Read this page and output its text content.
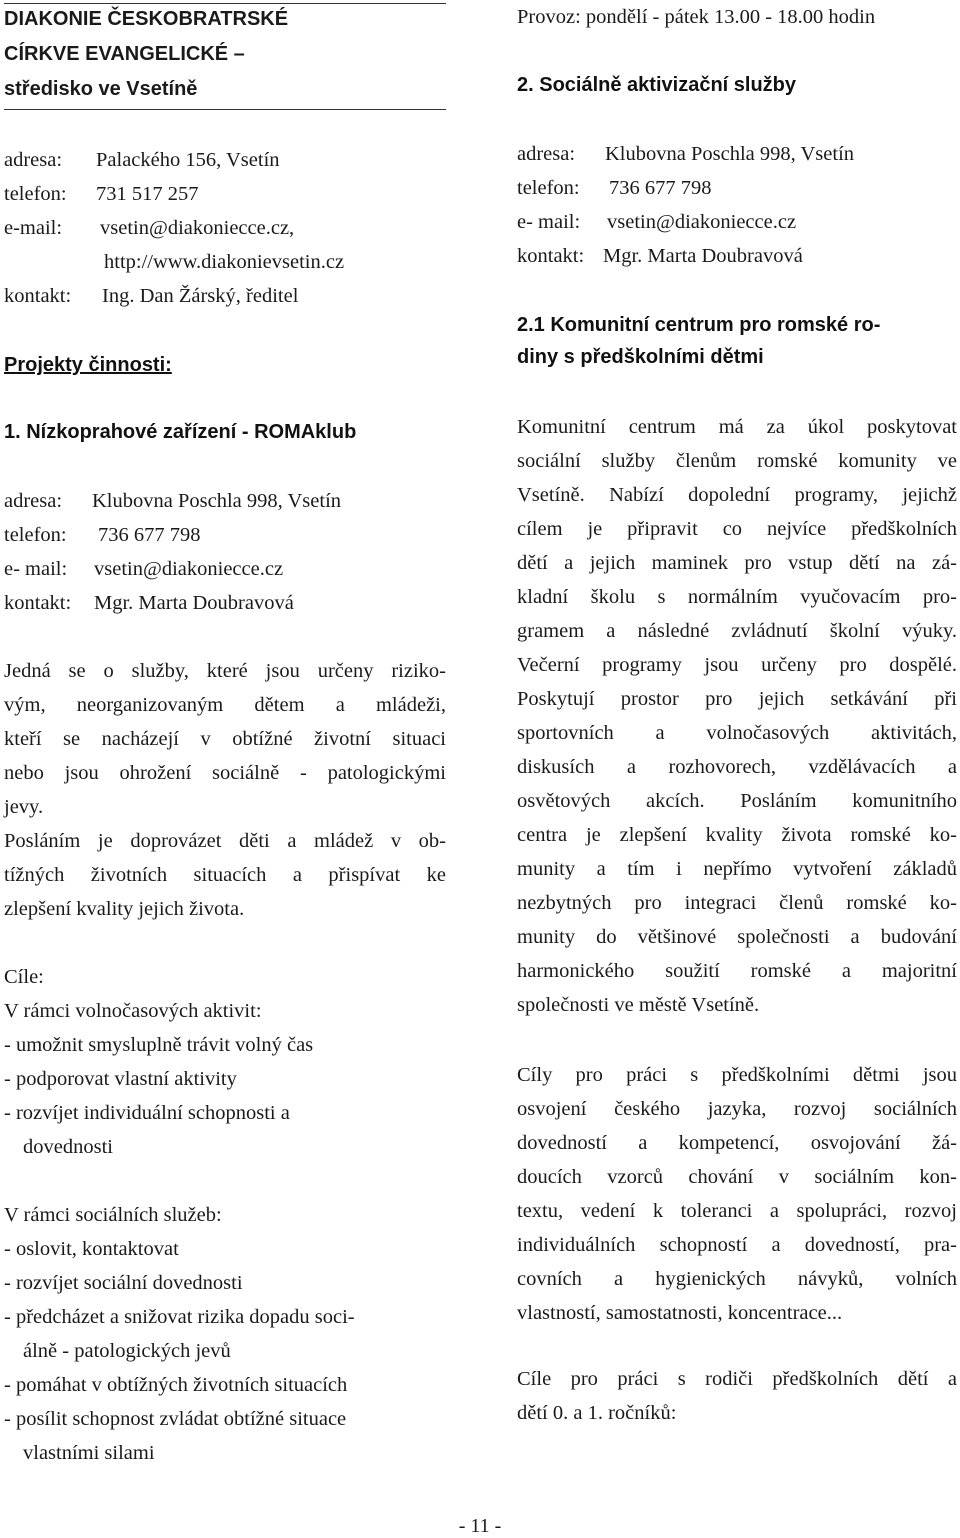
DIAKONIE ČESKOBRATRSKÉ
CÍRKVE EVANGELICKÉ –
středisko ve Vsetíně
adresa: Palackého 156, Vsetín
telefon: 731 517 257
e-mail: vsetin@diakoniecce.cz,
http://www.diakonievsetin.cz
kontakt: Ing. Dan Žárský, ředitel
Projekty činnosti:
1. Nízkoprahové zařízení - ROMAklub
adresa: Klubovna Poschla 998, Vsetín
telefon: 736 677 798
e- mail: vsetin@diakoniecce.cz
kontakt: Mgr. Marta Doubravová
Jedná se o služby, které jsou určeny riziko-
vým, neorganizovaným dětem a mládeži,
kteří se nacházejí v obtížné životní situaci
nebo jsou ohrožení sociálně - patologickými
jevy.
Posláním je doprovázet děti a mládež v ob-
tížných životních situacích a přispívat ke
zlepšení kvality jejich života.
Cíle:
V rámci volnočasových aktivit:
- umožnit smysluplně trávit volný čas
- podporovat vlastní aktivity
- rozvíjet individuální schopnosti a
dovednosti
V rámci sociálních služeb:
- oslovit, kontaktovat
- rozvíjet sociální dovednosti
- předcházet a snižovat rizika dopadu soci-
álně - patologických jevů
- pomáhat v obtížných životních situacích
- posílit schopnost zvládat obtížné situace
vlastními silami
Provoz: pondělí - pátek 13.00 - 18.00 hodin
2. Sociálně aktivizační služby
adresa: Klubovna Poschla 998, Vsetín
telefon: 736 677 798
e- mail: vsetin@diakoniecce.cz
kontakt: Mgr. Marta Doubravová
2.1 Komunitní centrum pro romské ro-
diny s předškolními dětmi
Komunitní centrum má za úkol poskytovat
sociální služby členům romské komunity ve
Vsetíně. Nabízí dopolední programy, jejichž
cílem je připravit co nejvíce předškolních
dětí a jejich maminek pro vstup dětí na zá-
kladní školu s normálním vyučovacím pro-
gramem a následné zvládnutí školní výuky.
Večerní programy jsou určeny pro dospělé.
Poskytují prostor pro jejich setkávání při
sportovních a volnočasových aktivitách,
diskusích a rozhovorech, vzdělávacích a
osvětových akcích. Posláním komunitního
centra je zlepšení kvality života romské ko-
munity a tím i nepřímo vytvoření základů
nezbytných pro integraci členů romské ko-
munity do většinové společnosti a budování
harmonického soužití romské a majoritní
společnosti ve městě Vsetíně.
Cíly pro práci s předškolními dětmi jsou
osvojení českého jazyka, rozvoj sociálních
dovedností a kompetencí, osvojování žá-
doucích vzorců chování v sociálním kon-
textu, vedení k toleranci a spolupráci, rozvoj
individuálních schopností a dovedností, pra-
covních a hygienických návyků, volních
vlastností, samostatnosti, koncentrace...
Cíle pro práci s rodiči předškolních dětí a
dětí 0. a 1. ročníků:
- 11 -
